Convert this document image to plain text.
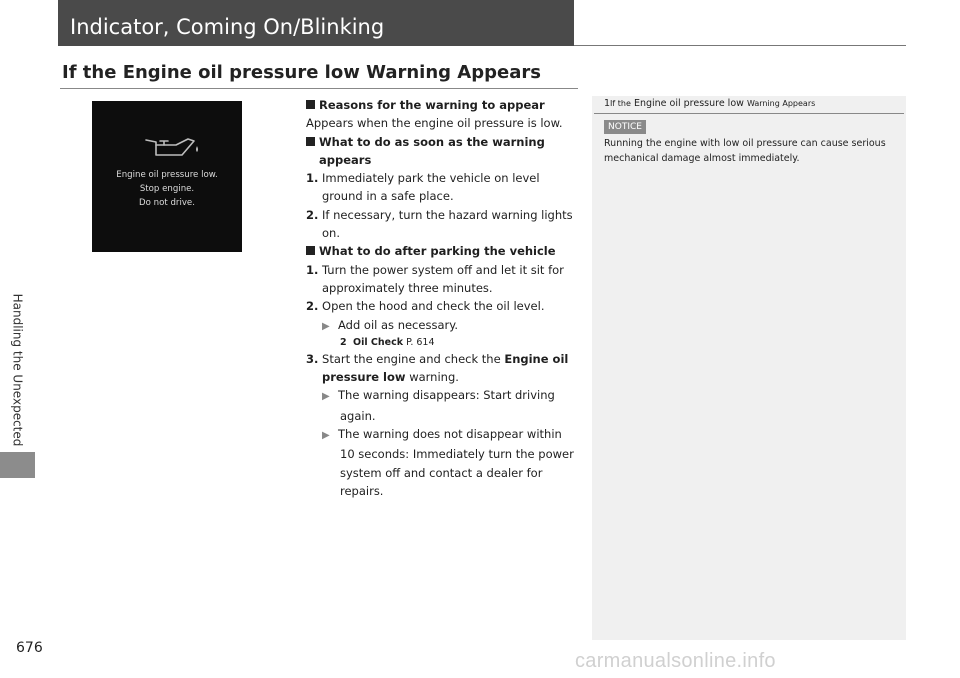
Handling the Unexpected
676
Indicator, Coming On/Blinking
If the Engine oil pressure low Warning Appears
Engine oil pressure low.
Stop engine.
Do not drive.

Reasons for the warning to appear

Appears when the engine oil pressure is low.

What to do as soon as the warning appears

1. Immediately park the vehicle on level ground in a safe place.

2. If necessary, turn the hazard warning lights on.

What to do after parking the vehicle

1. Turn the power system off and let it sit for approximately three minutes.

2. Open the hood and check the oil level.

▶ Add oil as necessary.

2 Oil Check P. 614

3. Start the engine and check the Engine oil pressure low warning.

▶ The warning disappears: Start driving again.

▶ The warning does not disappear within 10 seconds: Immediately turn the power system off and contact a dealer for repairs.

1If the Engine oil pressure low Warning Appears
NOTICE
Running the engine with low oil pressure can cause serious mechanical damage almost immediately.
carmanualsonline.info
